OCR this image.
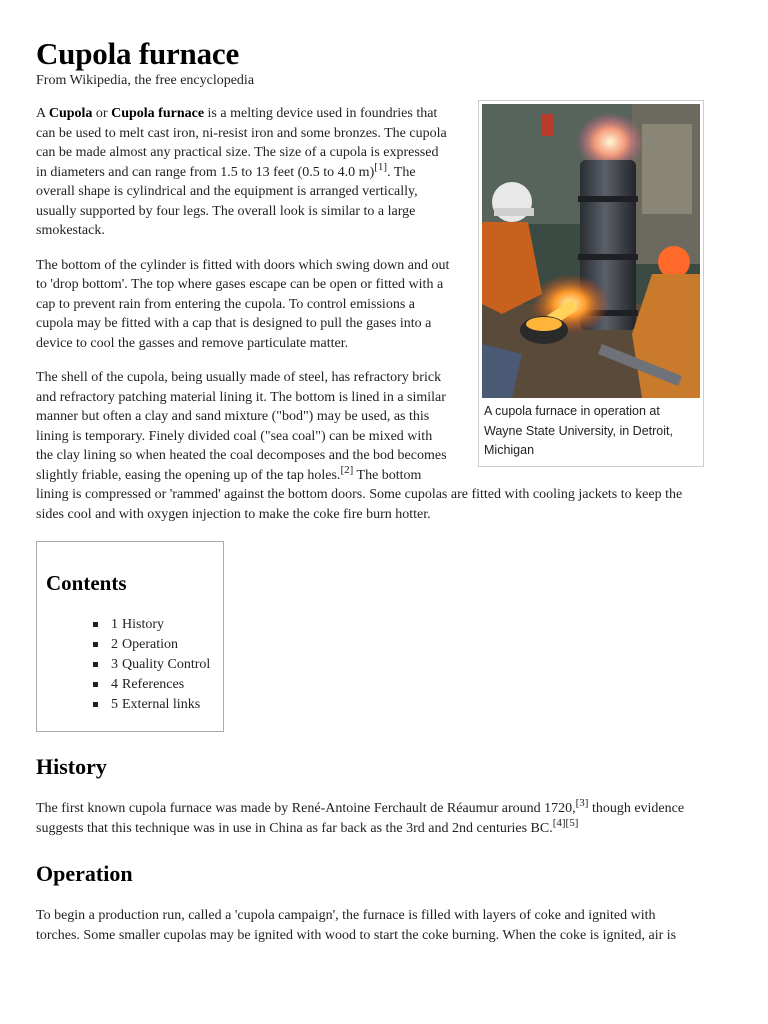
Cupola furnace
From Wikipedia, the free encyclopedia
A cupola furnace in operation at Wayne State University, in Detroit, Michigan

A Cupola or Cupola furnace is a melting device used in foundries that can be used to melt cast iron, ni-resist iron and some bronzes. The cupola can be made almost any practical size. The size of a cupola is expressed in diameters and can range from 1.5 to 13 feet (0.5 to 4.0 m)[1]. The overall shape is cylindrical and the equipment is arranged vertically, usually supported by four legs. The overall look is similar to a large smokestack.

The bottom of the cylinder is fitted with doors which swing down and out to 'drop bottom'. The top where gases escape can be open or fitted with a cap to prevent rain from entering the cupola. To control emissions a cupola may be fitted with a cap that is designed to pull the gases into a device to cool the gasses and remove particulate matter.

The shell of the cupola, being usually made of steel, has refractory brick and refractory patching material lining it. The bottom is lined in a similar manner but often a clay and sand mixture ("bod") may be used, as this lining is temporary. Finely divided coal ("sea coal") can be mixed with the clay lining so when heated the coal decomposes and the bod becomes slightly friable, easing the opening up of the tap holes.[2] The bottom lining is compressed or 'rammed' against the bottom doors. Some cupolas are fitted with cooling jackets to keep the sides cool and with oxygen injection to make the coke fire burn hotter.

Contents
1 History
2 Operation
3 Quality Control
4 References
5 External links
History

The first known cupola furnace was made by René-Antoine Ferchault de Réaumur around 1720,[3] though evidence suggests that this technique was in use in China as far back as the 3rd and 2nd centuries BC.[4][5]

Operation

To begin a production run, called a 'cupola campaign', the furnace is filled with layers of coke and ignited with torches. Some smaller cupolas may be ignited with wood to start the coke burning. When the coke is ignited, air is
